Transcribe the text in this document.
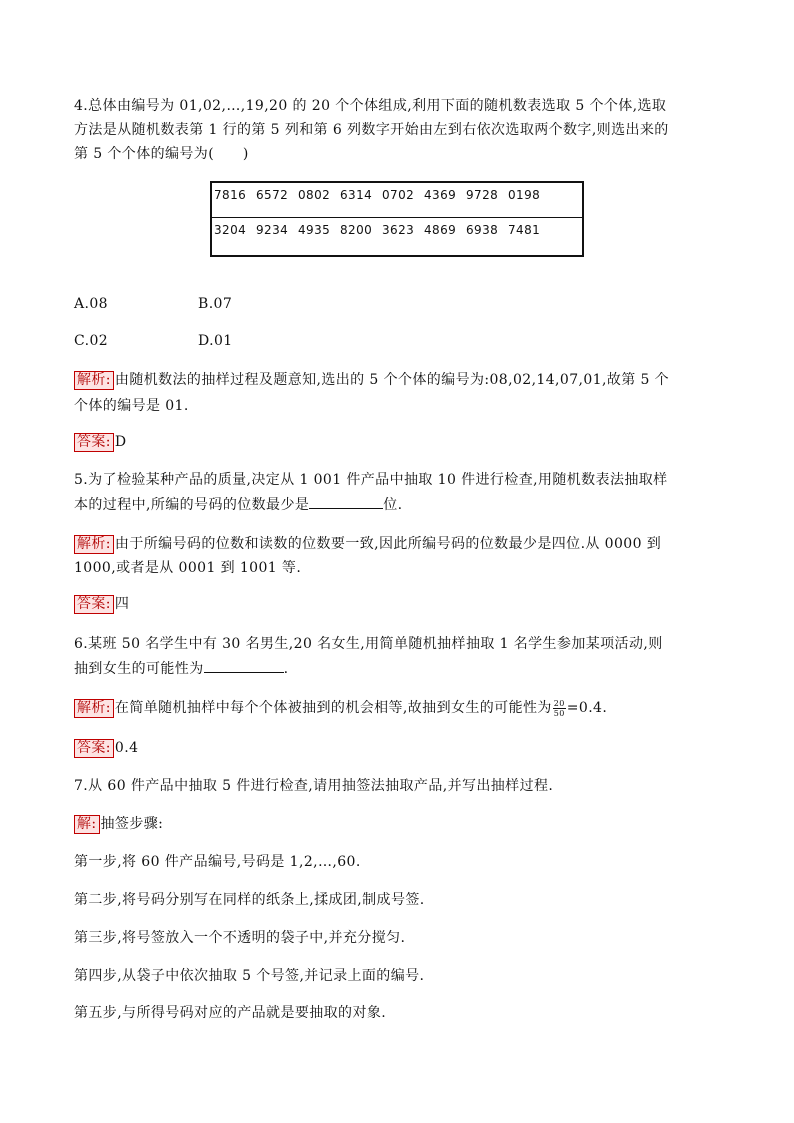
4.总体由编号为 01,02,…,19,20 的 20 个个体组成,利用下面的随机数表选取 5 个个体,选取
方法是从随机数表第 1 行的第 5 列和第 6 列数字开始由左到右依次选取两个数字,则选出来的
第 5 个个体的编号为(　　)
7816 6572 0802 6314 0702 4369 9728 0198
3204 9234 4935 8200 3623 4869 6938 7481
A.08	B.07
C.02	D.01
解析: 由随机数法的抽样过程及题意知,选出的 5 个个体的编号为:08,02,14,07,01,故第 5 个
个体的编号是 01.
答案: D
5.为了检验某种产品的质量,决定从 1 001 件产品中抽取 10 件进行检查,用随机数表法抽取样
本的过程中,所编的号码的位数最少是	位.
解析: 由于所编号码的位数和读数的位数要一致,因此所编号码的位数最少是四位.从 0000 到
1000,或者是从 0001 到 1001 等.
答案: 四
6.某班 50 名学生中有 30 名男生,20 名女生,用简单随机抽样抽取 1 名学生参加某项活动,则
抽到女生的可能性为	.
解析: 在简单随机抽样中每个个体被抽到的机会相等,故抽到女生的可能性为 $\frac{20}{50} =0.4$.
答案: 0.4
7.从 60 件产品中抽取 5 件进行检查,请用抽签法抽取产品,并写出抽样过程.
解: 抽签步骤:
第一步,将 60 件产品编号,号码是 1,2,…,60.
第二步,将号码分别写在同样的纸条上,揉成团,制成号签.
第三步,将号签放入一个不透明的袋子中,并充分搅匀.
第四步,从袋子中依次抽取 5 个号签,并记录上面的编号.
第五步,与所得号码对应的产品就是要抽取的对象.
